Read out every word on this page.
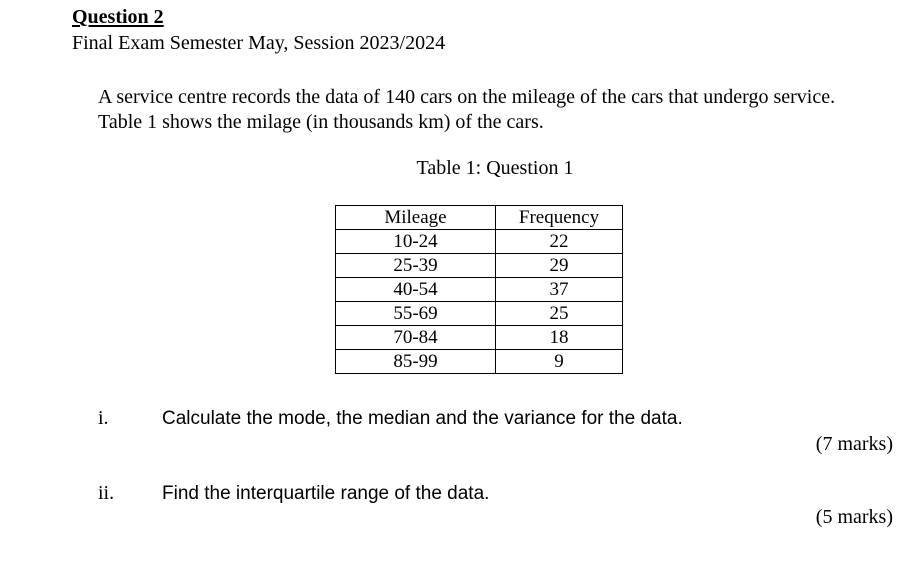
Question 2
Final Exam Semester May, Session 2023/2024
A service centre records the data of 140 cars on the mileage of the cars that undergo service.
Table 1 shows the milage (in thousands km) of the cars.
Table 1: Question 1
Mileage	Frequency
10-24	22
25-39	29
40-54	37
55-69	25
70-84	18
85-99	9
i.	Calculate the mode, the median and the variance for the data.
(7 marks)
ii.	Find the interquartile range of the data.
(5 marks)
